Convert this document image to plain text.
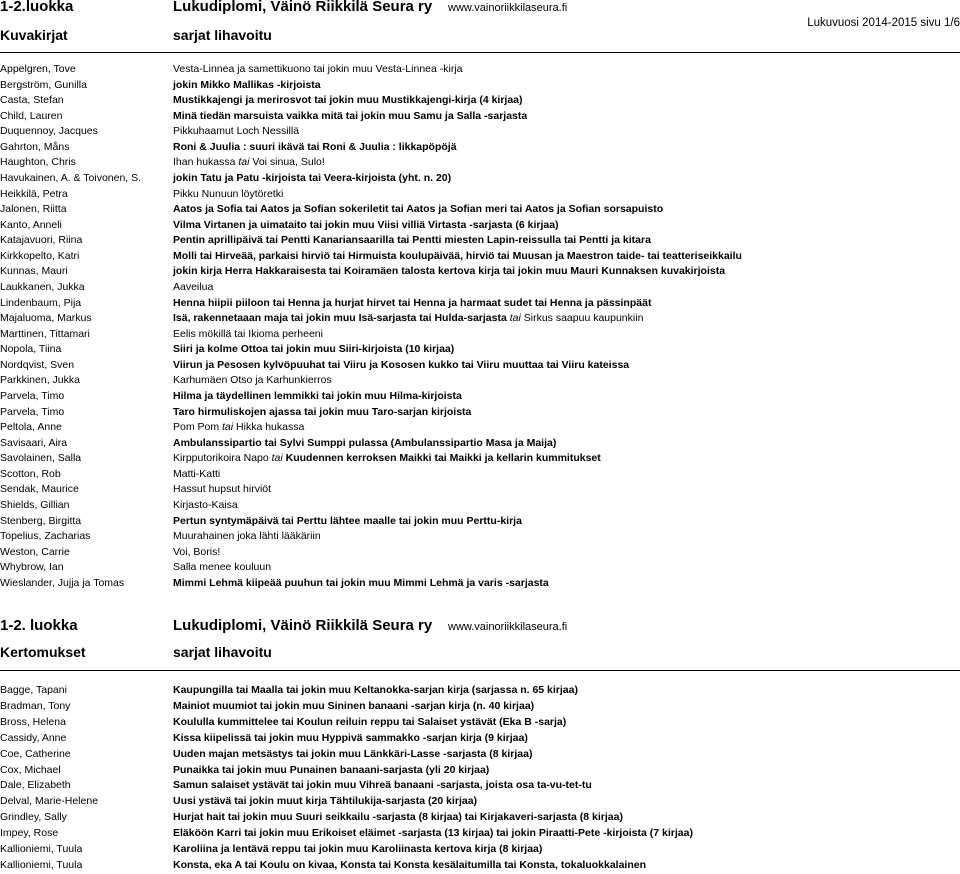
1-2.luokka	Lukudiplomi, Väinö Riikkilä Seura ry www.vainoriikkilaseura.fi
Kuvakirjat	sarjat lihavoitu
Lukuvuosi 2014-2015 sivu 1/6
Appelgren, Tove	Vesta-Linnea ja samettikuono tai jokin muu Vesta-Linnea -kirja
Bergström, Gunilla	jokin Mikko Mallikas -kirjoista
Casta, Stefan	Mustikkajengi ja merirosvot tai jokin muu Mustikkajengi-kirja (4 kirjaa)
Child, Lauren	Minä tiedän marsuista vaikka mitä tai jokin muu Samu ja Salla -sarjasta
Duquennoy, Jacques	Pikkuhaamut Loch Nessillä
Gahrton, Måns	Roni & Juulia : suuri ikävä tai Roni & Juulia : likkapöpöjä
Haughton, Chris	Ihan hukassa tai Voi sinua, Sulo!
Havukainen, A. & Toivonen, S.	jokin Tatu ja Patu -kirjoista tai Veera-kirjoista (yht. n. 20)
Heikkilä, Petra	Pikku Nunuun löytöretki
Jalonen, Riitta	Aatos ja Sofia tai Aatos ja Sofian sokeriletit tai Aatos ja Sofian meri tai Aatos ja Sofian sorsapuisto
Kanto, Anneli	Vilma Virtanen ja uimataito tai jokin muu Viisi villiä Virtasta -sarjasta (6 kirjaa)
Katajavuori, Riina	Pentin aprillipäivä tai Pentti Kanariansaarilla tai Pentti miesten Lapin-reissulla tai Pentti ja kitara
Kirkkopelto, Katri	Molli tai Hirveää, parkaisi hirviö tai Hirmuista koulupäivää, hirviö tai Muusan ja Maestron taide- tai teatteriseikkailu
Kunnas, Mauri	jokin kirja Herra Hakkaraisesta tai Koiramäen talosta kertova kirja tai jokin muu Mauri Kunnaksen kuvakirjoista
Laukkanen, Jukka	Aaveilua
Lindenbaum, Pija	Henna hiipii piiloon tai Henna ja hurjat hirvet tai Henna ja harmaat sudet tai Henna ja pässinpäät
Majaluoma, Markus	Isä, rakennetaaan maja tai jokin muu Isä-sarjasta tai Hulda-sarjasta tai Sirkus saapuu kaupunkiin
Marttinen, Tittamari	Eelis mökillä tai Ikioma perheeni
Nopola, Tiina	Siiri ja kolme Ottoa tai jokin muu Siiri-kirjoista (10 kirjaa)
Nordqvist, Sven	Viirun ja Pesosen kylvöpuuhat tai Viiru ja Kososen kukko tai Viiru muuttaa tai Viiru kateissa
Parkkinen, Jukka	Karhumäen Otso ja Karhunkierros
Parvela, Timo	Hilma ja täydellinen lemmikki tai jokin muu Hilma-kirjoista
Parvela, Timo	Taro hirmuliskojen ajassa tai jokin muu Taro-sarjan kirjoista
Peltola, Anne	Pom Pom tai Hikka hukassa
Savisaari, Aira	Ambulanssipartio tai Sylvi Sumppi pulassa (Ambulanssipartio Masa ja Maija)
Savolainen, Salla	Kirpputorikoira Napo tai Kuudennen kerroksen Maikki tai Maikki ja kellarin kummitukset
Scotton, Rob	Matti-Katti
Sendak, Maurice	Hassut hupsut hirviöt
Shields, Gillian	Kirjasto-Kaisa
Stenberg, Birgitta	Pertun syntymäpäivä tai Perttu lähtee maalle tai jokin muu Perttu-kirja
Topelius, Zacharias	Muurahainen joka lähti lääkäriin
Weston, Carrie	Voi, Boris!
Whybrow, Ian	Salla menee kouluun
Wieslander, Jujja ja Tomas	Mimmi Lehmä kiipeää puuhun tai jokin muu Mimmi Lehmä ja varis -sarjasta
1-2. luokka	Lukudiplomi, Väinö Riikkilä Seura ry www.vainoriikkilaseura.fi
Kertomukset	sarjat lihavoitu
Bagge, Tapani	Kaupungilla tai Maalla tai jokin muu Keltanokka-sarjan kirja (sarjassa n. 65 kirjaa)
Bradman, Tony	Mainiot muumiot tai jokin muu Sininen banaani -sarjan kirja (n. 40 kirjaa)
Bross, Helena	Koululla kummittelee tai Koulun reiluin reppu tai Salaiset ystävät (Eka B -sarja)
Cassidy, Anne	Kissa kiipelissä tai jokin muu Hyppivä sammakko -sarjan kirja (9 kirjaa)
Coe, Catherine	Uuden majan metsästys tai jokin muu Länkkäri-Lasse -sarjasta (8 kirjaa)
Cox, Michael	Punaikka tai jokin muu Punainen banaani-sarjasta (yli 20 kirjaa)
Dale, Elizabeth	Samun salaiset ystävät tai jokin muu Vihreä banaani -sarjasta, joista osa ta-vu-tet-tu
Delval, Marie-Helene	Uusi ystävä tai jokin muut kirja Tähtilukija-sarjasta (20 kirjaa)
Grindley, Sally	Hurjat hait tai jokin muu Suuri seikkailu -sarjasta (8 kirjaa) tai Kirjakaveri-sarjasta (8 kirjaa)
Impey, Rose	Eläköön Karri tai jokin muu Erikoiset eläimet -sarjasta (13 kirjaa) tai jokin Piraatti-Pete -kirjoista (7 kirjaa)
Kallioniemi, Tuula	Karoliina ja lentävä reppu tai jokin muu Karoliinasta kertova kirja (8 kirjaa)
Kallioniemi, Tuula	Konsta, eka A tai Koulu on kivaa, Konsta tai Konsta kesälaitumilla tai Konsta, tokaluokkalainen
